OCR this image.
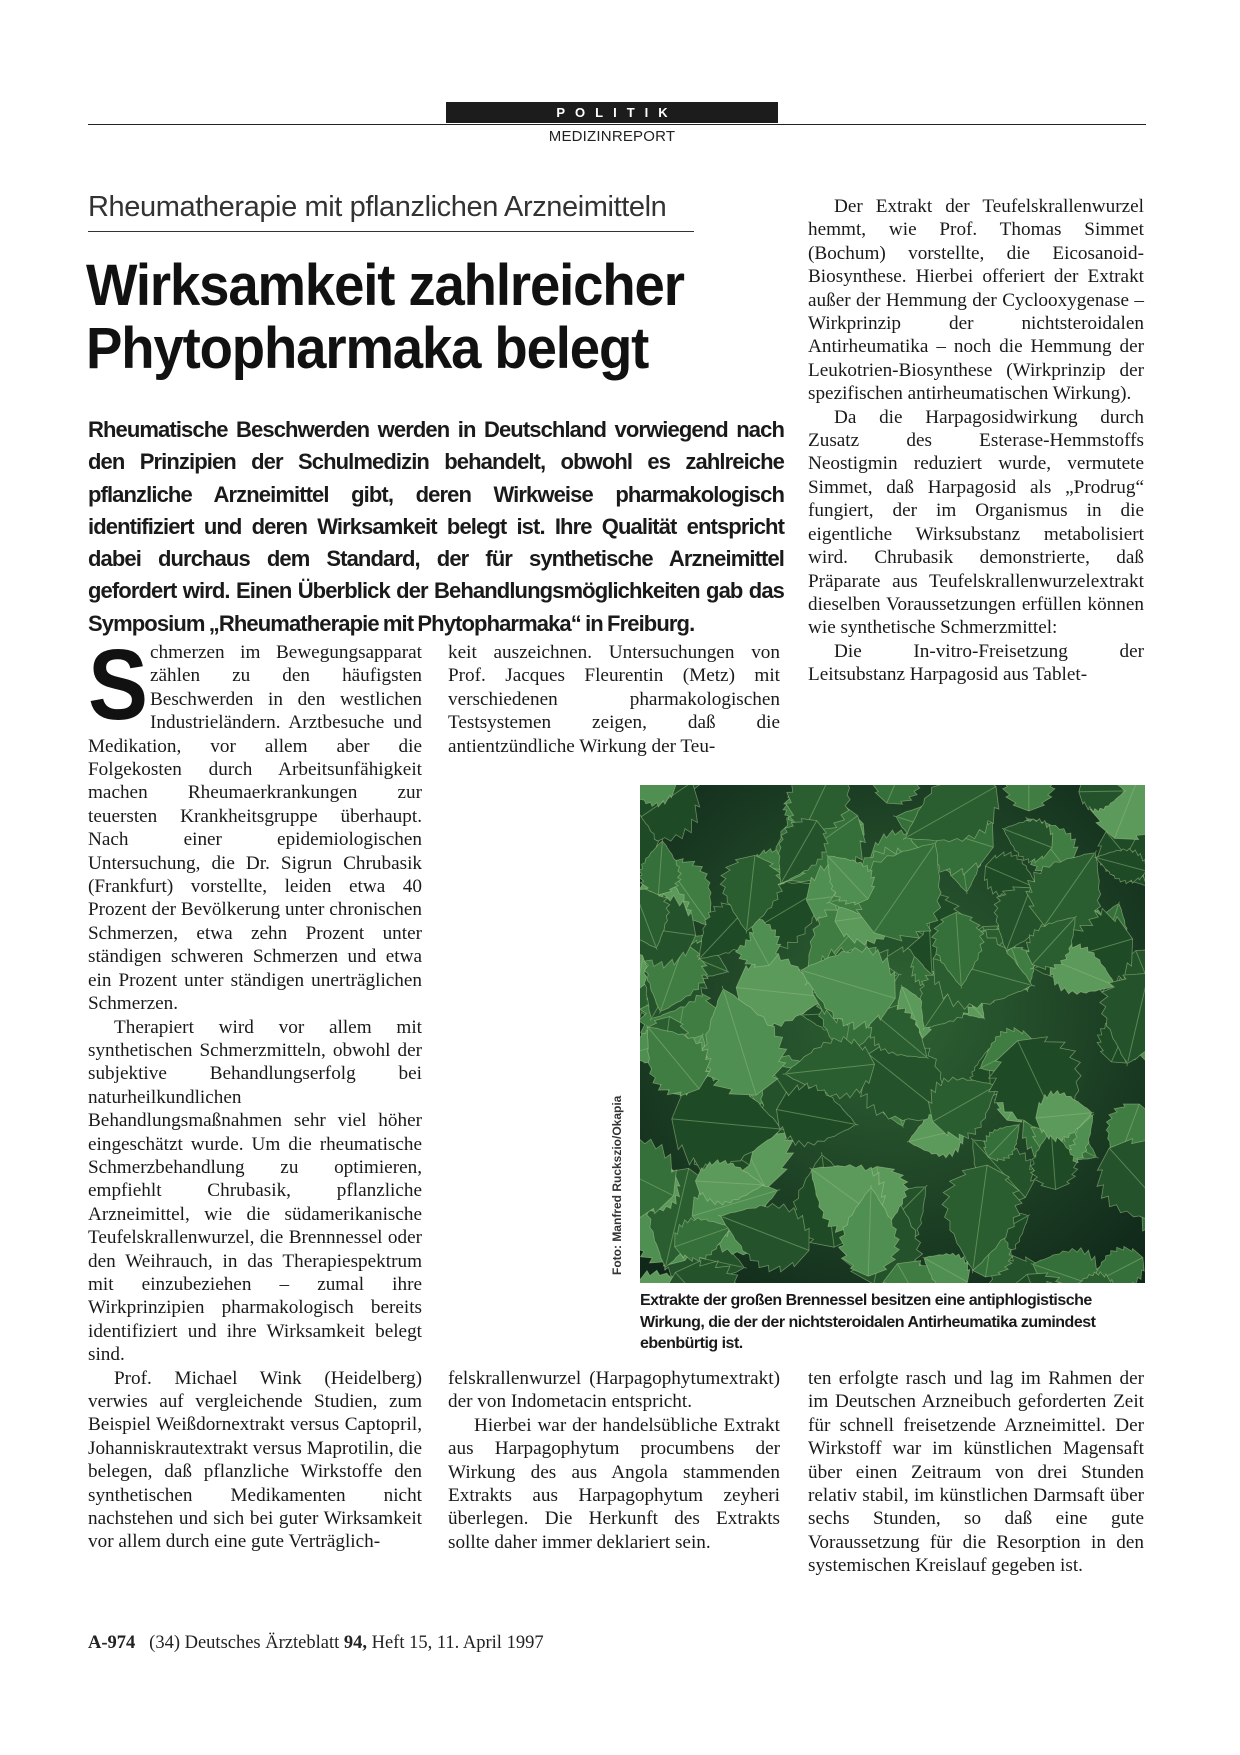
POLITIK
MEDIZINREPORT
Rheumatherapie mit pflanzlichen Arzneimitteln
Wirksamkeit zahlreicher
Phytopharmaka belegt

Rheumatische Beschwerden werden in Deutschland vorwiegend nach den Prinzipien der Schulmedizin behandelt, obwohl es zahlreiche pflanzliche Arzneimittel gibt, deren Wirkweise pharmakologisch identifiziert und deren Wirksamkeit belegt ist. Ihre Qualität entspricht dabei durchaus dem Standard, der für synthetische Arzneimittel gefordert wird. Einen Überblick der Behandlungsmöglichkeiten gab das Symposium „Rheumatherapie mit Phytopharmaka“ in Freiburg.

Schmerzen im Bewegungsapparat zählen zu den häufigsten Beschwerden in den westlichen Industrieländern. Arztbesuche und Medikation, vor allem aber die Folgekosten durch Arbeitsunfähigkeit machen Rheumaerkrankungen zur teuersten Krankheitsgruppe überhaupt. Nach einer epidemiologischen Untersuchung, die Dr. Sigrun Chrubasik (Frankfurt) vorstellte, leiden etwa 40 Prozent der Bevölkerung unter chronischen Schmerzen, etwa zehn Prozent unter ständigen schweren Schmerzen und etwa ein Prozent unter ständigen unerträglichen Schmerzen.

Therapiert wird vor allem mit synthetischen Schmerzmitteln, obwohl der subjektive Behandlungserfolg bei naturheilkundlichen Behandlungsmaßnahmen sehr viel höher eingeschätzt wurde. Um die rheumatische Schmerzbehandlung zu optimieren, empfiehlt Chrubasik, pflanzliche Arzneimittel, wie die südamerikanische Teufelskrallenwurzel, die Brennnessel oder den Weihrauch, in das Therapiespektrum mit einzubeziehen – zumal ihre Wirkprinzipien pharmakologisch bereits identifiziert und ihre Wirksamkeit belegt sind.

Prof. Michael Wink (Heidelberg) verwies auf vergleichende Studien, zum Beispiel Weißdornextrakt versus Captopril, Johanniskrautextrakt versus Maprotilin, die belegen, daß pflanzliche Wirkstoffe den synthetischen Medikamenten nicht nachstehen und sich bei guter Wirksamkeit vor allem durch eine gute Verträglich-

keit auszeichnen. Untersuchungen von Prof. Jacques Fleurentin (Metz) mit verschiedenen pharmakologischen Testsystemen zeigen, daß die antientzündliche Wirkung der Teu-

felskrallenwurzel (Harpagophytumextrakt) der von Indometacin entspricht.

Hierbei war der handelsübliche Extrakt aus Harpagophytum procumbens der Wirkung des aus Angola stammenden Extrakts aus Harpagophytum zeyheri überlegen. Die Herkunft des Extrakts sollte daher immer deklariert sein.

Der Extrakt der Teufelskrallenwurzel hemmt, wie Prof. Thomas Simmet (Bochum) vorstellte, die Eicosanoid-Biosynthese. Hierbei offeriert der Extrakt außer der Hemmung der Cyclooxygenase – Wirkprinzip der nichtsteroidalen Antirheumatika – noch die Hemmung der Leukotrien-Biosynthese (Wirkprinzip der spezifischen antirheumatischen Wirkung).

Da die Harpagosidwirkung durch Zusatz des Esterase-Hemmstoffs Neostigmin reduziert wurde, vermutete Simmet, daß Harpagosid als „Prodrug“ fungiert, der im Organismus in die eigentliche Wirksubstanz metabolisiert wird. Chrubasik demonstrierte, daß Präparate aus Teufelskrallenwurzelextrakt dieselben Voraussetzungen erfüllen können wie synthetische Schmerzmittel:

Die In-vitro-Freisetzung der Leitsubstanz Harpagosid aus Tablet-

ten erfolgte rasch und lag im Rahmen der im Deutschen Arzneibuch geforderten Zeit für schnell freisetzende Arzneimittel. Der Wirkstoff war im künstlichen Magensaft über einen Zeitraum von drei Stunden relativ stabil, im künstlichen Darmsaft über sechs Stunden, so daß eine gute Voraussetzung für die Resorption in den systemischen Kreislauf gegeben ist.

Foto: Manfred Ruckszio/Okapia
Extrakte der großen Brennessel besitzen eine antiphlogistische Wirkung, die der der nichtsteroidalen Antirheumatika zumindest ebenbürtig ist.
A-974 (34) Deutsches Ärzteblatt 94, Heft 15, 11. April 1997
